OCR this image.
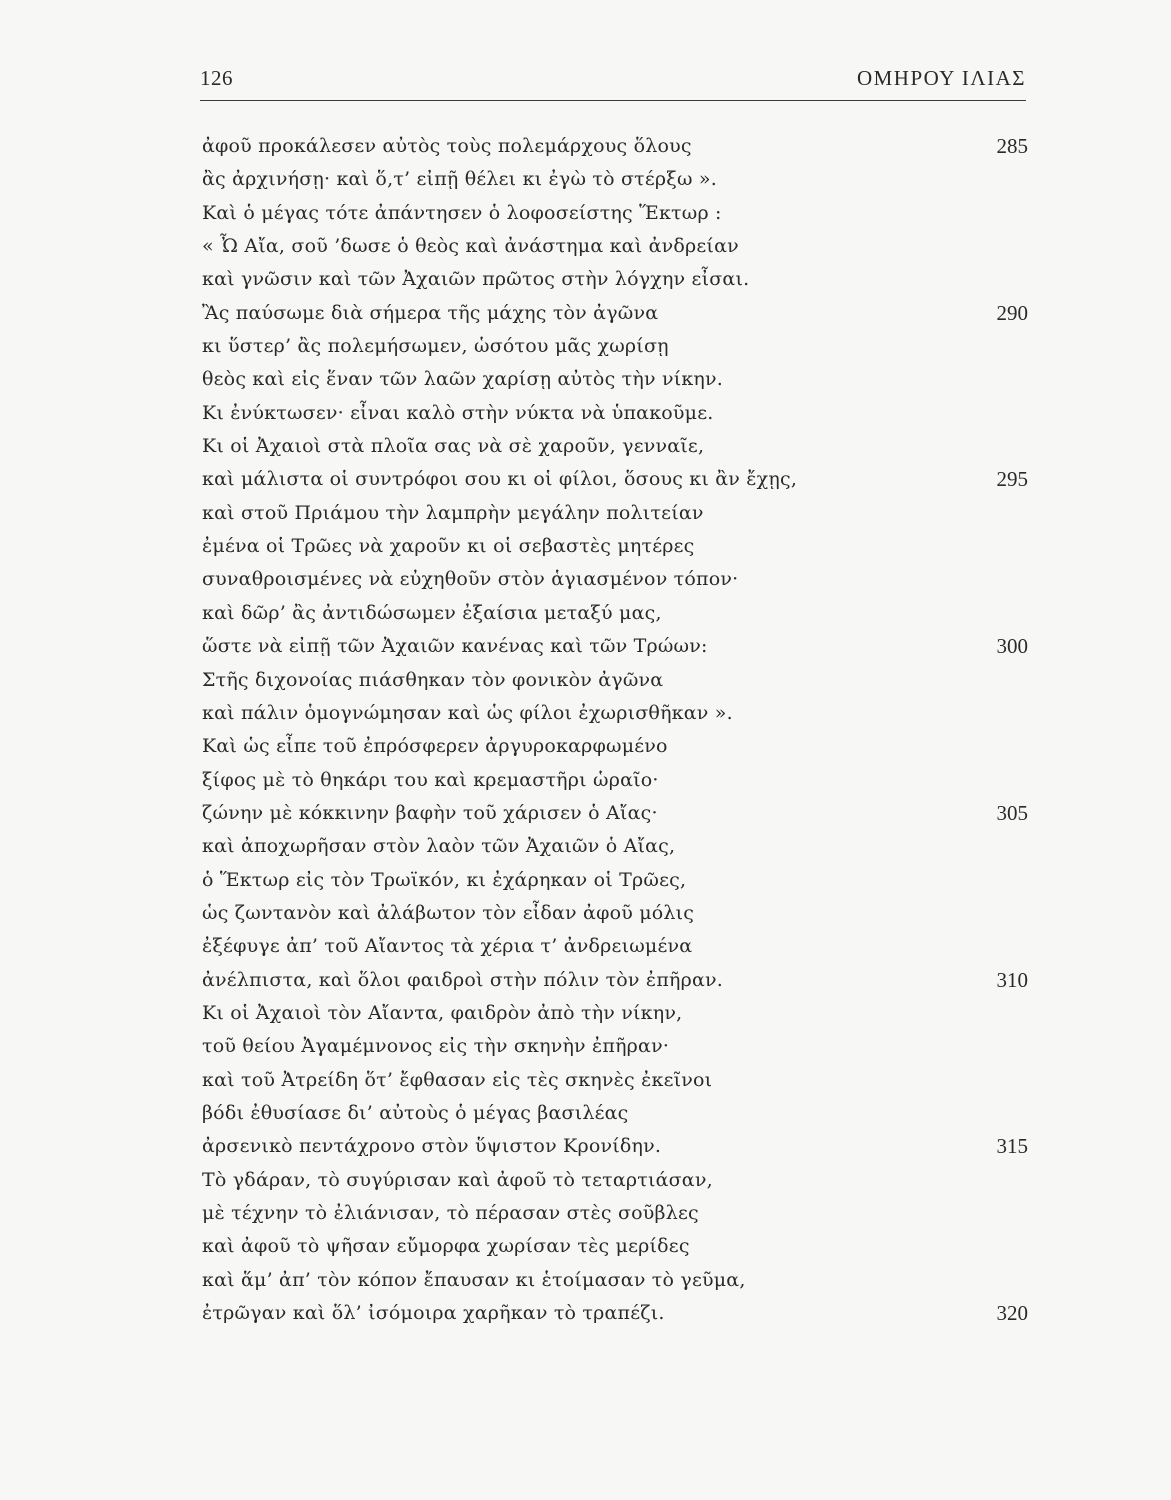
126	ΟΜΗΡΟΥ ΙΛΙΑΣ
ἀφοῦ προκάλεσεν αὐτὸς τοὺς πολεμάρχους ὅλους	285
ἂς ἀρχινήσῃ· καὶ ὅ,τ’ εἰπῇ θέλει κι ἐγὼ τὸ στέρξω ».
Καὶ ὁ μέγας τότε ἀπάντησεν ὁ λοφοσείστης Ἕκτωρ :
« Ὦ Αἴα, σοῦ ’δωσε ὁ θεὸς καὶ ἀνάστημα καὶ ἀνδρείαν
καὶ γνῶσιν καὶ τῶν Ἀχαιῶν πρῶτος στὴν λόγχην εἶσαι.
Ἂς παύσωμε διὰ σήμερα τῆς μάχης τὸν ἀγῶνα	290
κι ὕστερ’ ἂς πολεμήσωμεν, ὡσότου μᾶς χωρίσῃ
θεὸς καὶ εἰς ἕναν τῶν λαῶν χαρίσῃ αὐτὸς τὴν νίκην.
Κι ἐνύκτωσεν· εἶναι καλὸ στὴν νύκτα νὰ ὑπακοῦμε.
Κι οἱ Ἀχαιοὶ στὰ πλοῖα σας νὰ σὲ χαροῦν, γενναῖε,
καὶ μάλιστα οἱ συντρόφοι σου κι οἱ φίλοι, ὅσους κι ἂν ἔχῃς,	295
καὶ στοῦ Πριάμου τὴν λαμπρὴν μεγάλην πολιτείαν
ἐμένα οἱ Τρῶες νὰ χαροῦν κι οἱ σεβαστὲς μητέρες
συναθροισμένες νὰ εὐχηθοῦν στὸν ἁγιασμένον τόπον·
καὶ δῶρ’ ἂς ἀντιδώσωμεν ἐξαίσια μεταξύ μας,
ὥστε νὰ εἰπῇ τῶν Ἀχαιῶν κανένας καὶ τῶν Τρώων:	300
Στῆς διχονοίας πιάσθηκαν τὸν φονικὸν ἀγῶνα
καὶ πάλιν ὁμογνώμησαν καὶ ὡς φίλοι ἐχωρισθῆκαν ».
Καὶ ὡς εἶπε τοῦ ἐπρόσφερεν ἀργυροκαρφωμένο
ξίφος μὲ τὸ θηκάρι του καὶ κρεμαστῆρι ὡραῖο·
ζώνην μὲ κόκκινην βαφὴν τοῦ χάρισεν ὁ Αἴας·	305
καὶ ἀποχωρῆσαν στὸν λαὸν τῶν Ἀχαιῶν ὁ Αἴας,
ὁ Ἕκτωρ εἰς τὸν Τρωϊκόν, κι ἐχάρηκαν οἱ Τρῶες,
ὡς ζωντανὸν καὶ ἀλάβωτον τὸν εἶδαν ἀφοῦ μόλις
ἐξέφυγε ἀπ’ τοῦ Αἴαντος τὰ χέρια τ’ ἀνδρειωμένα
ἀνέλπιστα, καὶ ὅλοι φαιδροὶ στὴν πόλιν τὸν ἐπῆραν.	310
Κι οἱ Ἀχαιοὶ τὸν Αἴαντα, φαιδρὸν ἀπὸ τὴν νίκην,
τοῦ θείου Ἀγαμέμνονος εἰς τὴν σκηνὴν ἐπῆραν·
καὶ τοῦ Ἀτρείδη ὅτ’ ἔφθασαν εἰς τὲς σκηνὲς ἐκεῖνοι
βόδι ἐθυσίασε δι’ αὐτοὺς ὁ μέγας βασιλέας
ἀρσενικὸ πεντάχρονο στὸν ὕψιστον Κρονίδην.	315
Τὸ γδάραν, τὸ συγύρισαν καὶ ἀφοῦ τὸ τεταρτιάσαν,
μὲ τέχνην τὸ ἐλιάνισαν, τὸ πέρασαν στὲς σοῦβλες
καὶ ἀφοῦ τὸ ψῆσαν εὔμορφα χωρίσαν τὲς μερίδες
καὶ ἅμ’ ἀπ’ τὸν κόπον ἔπαυσαν κι ἑτοίμασαν τὸ γεῦμα,
ἐτρῶγαν καὶ ὅλ’ ἰσόμοιρα χαρῆκαν τὸ τραπέζι.	320
